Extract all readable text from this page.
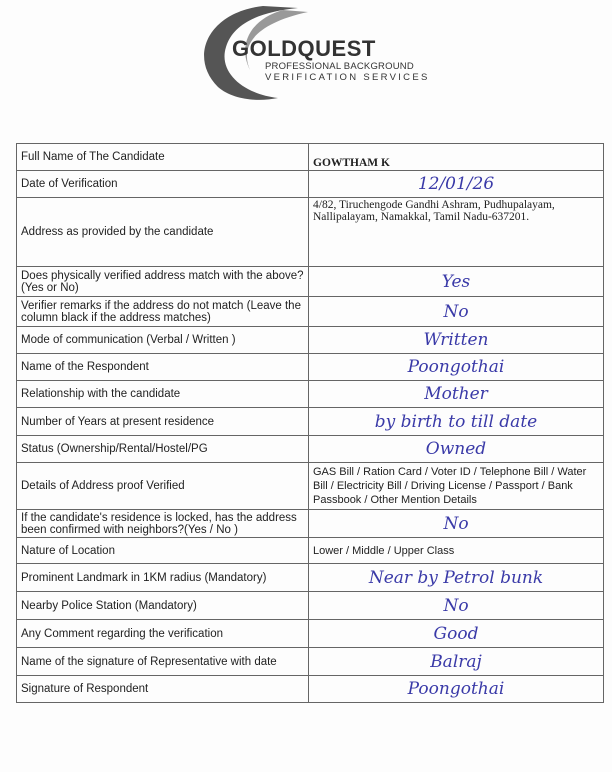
GOLDQUEST
PROFESSIONAL BACKGROUND
VERIFICATION SERVICES
Full Name of The Candidate	GOWTHAM K
Date of Verification	12/01/26
Address as provided by the candidate	4/82, Tiruchengode Gandhi Ashram, Pudhupalayam, Nallipalayam, Namakkal, Tamil Nadu-637201.
Does physically verified address match with the above? (Yes or No)	Yes
Verifier remarks if the address do not match (Leave the column black if the address matches)	No
Mode of communication (Verbal / Written )	Written
Name of the Respondent	Poongothai
Relationship with the candidate	Mother
Number of Years at present residence	by birth to till date
Status (Ownership/Rental/Hostel/PG	Owned
Details of Address proof Verified	GAS Bill / Ration Card / Voter ID / Telephone Bill / Water Bill / Electricity Bill / Driving License / Passport / Bank Passbook / Other Mention Details
If the candidate's residence is locked, has the address been confirmed with neighbors?(Yes / No )	No
Nature of Location	Lower / Middle / Upper Class
Prominent Landmark in 1KM radius (Mandatory)	Near by Petrol bunk
Nearby Police Station (Mandatory)	No
Any Comment regarding the verification	Good
Name of the signature of Representative with date	Balraj
Signature of Respondent	Poongothai
